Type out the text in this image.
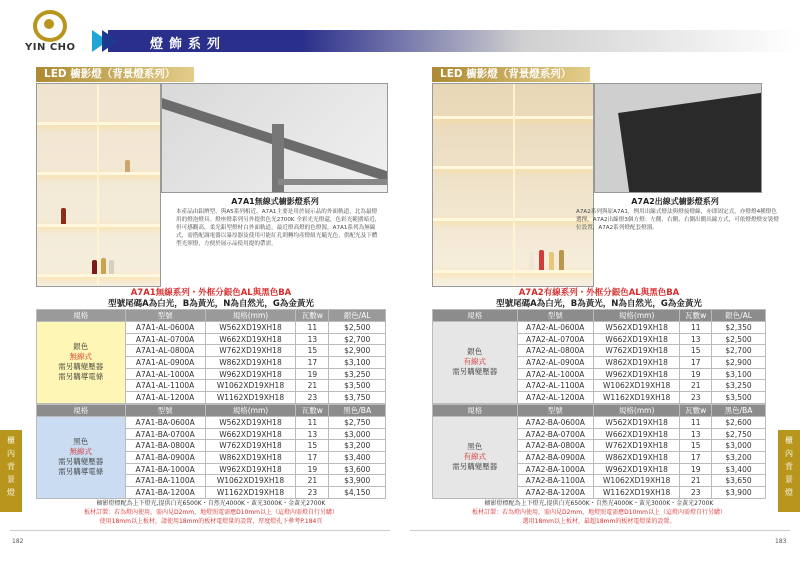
YIN CHO	燈飾系列
LED 櫥影燈（背景燈系列）
A7A1無線式櫥影燈系列
本產品由鋁擠型、與A5系列相近，A7A1主要是用於展示品的外面軌道，北為最燈用的燈泡燈具。燈座燈系列另外提供色光2700K 全彩光光燈還，色彩光範圍暗近，但可感觀高，柔光鋁型燈材白外面軌道，最近燈高燈的色燈源，A7A1系列為無線式，需搭配調電器以暴厚器及使用可能紅孔則轉均產燈組光隨光色，供配光及下體型光照燈，方便於展示品使用提的帶需。
A7A1無線系列・外框分銀色AL與黑色BA
型號尾碼A為白光，B為黃光，N為自然光，G為金黃光
規格	型號	規格(mm)	瓦數w	銀色/AL

銀色
無線式
需另購變壓器
需另購導電條	A7A1-AL-0600A	W562XD19XH18	11	$2,500
	A7A1-AL-0700A	W662XD19XH18	13	$2,700
	A7A1-AL-0800A	W762XD19XH18	15	$2,900
	A7A1-AL-0900A	W862XD19XH18	17	$3,100
	A7A1-AL-1000A	W962XD19XH18	19	$3,250
	A7A1-AL-1100A	W1062XD19XH18	21	$3,500
	A7A1-AL-1200A	W1162XD19XH18	23	$3,750
規格	型號	規格(mm)	瓦數w	黑色/BA

黑色
無線式
需另購變壓器
需另購導電條	A7A1-BA-0600A	W562XD19XH18	11	$2,750
	A7A1-BA-0700A	W662XD19XH18	13	$3,000
	A7A1-BA-0800A	W762XD19XH18	15	$3,200
	A7A1-BA-0900A	W862XD19XH18	17	$3,400
	A7A1-BA-1000A	W962XD19XH18	19	$3,600
	A7A1-BA-1100A	W1062XD19XH18	21	$3,900
	A7A1-BA-1200A	W1162XD19XH18	23	$4,150
櫥影燈標配為上下燈光,提供白光6500K・自然光4000K・黃光3000K・金黃光2700K
板材訂製：若為燈內使用，需內見D2mm，地燈照電需應D10mm以上（這燈內需燈自行另購）
使用18mm以上板材，請使用18mm的板材電燈量的設置，厚度燈孔下參考P.184頁
櫃
內
背
景
燈
182
LED 櫥影燈（背景燈系列）
A7A2出線式櫥影燈系列
A7A2系列與原A7A1，例用出線式燈法與燈接燈線，亦即固定式，亦燈燈4種燈色選擇。A7A2出線燈3個方燈：左側、右側、右側出側出線方式，可依燈燈燈安裝燈位設置，A7A2系列燈配套燈器。
A7A2有線系列・外框分銀色AL與黑色BA
型號尾碼A為白光，B為黃光，N為自然光，G為金黃光
規格	型號	規格(mm)	瓦數w	銀色/AL

銀色
有線式
需另購變壓器	A7A2-AL-0600A	W562XD19XH18	11	$2,350
	A7A2-AL-0700A	W662XD19XH18	13	$2,500
	A7A2-AL-0800A	W762XD19XH18	15	$2,700
	A7A2-AL-0900A	W862XD19XH18	17	$2,900
	A7A2-AL-1000A	W962XD19XH18	19	$3,100
	A7A2-AL-1100A	W1062XD19XH18	21	$3,250
	A7A2-AL-1200A	W1162XD19XH18	23	$3,500
規格	型號	規格(mm)	瓦數w	黑色/BA

黑色
有線式
需另購變壓器	A7A2-BA-0600A	W562XD19XH18	11	$2,600
	A7A2-BA-0700A	W662XD19XH18	13	$2,750
	A7A2-BA-0800A	W762XD19XH18	15	$3,000
	A7A2-BA-0900A	W862XD19XH18	17	$3,200
	A7A2-BA-1000A	W962XD19XH18	19	$3,400
	A7A2-BA-1100A	W1062XD19XH18	21	$3,650
	A7A2-BA-1200A	W1162XD19XH18	23	$3,900
櫥影燈標配為上下燈光,提供白光6500K・自然光4000K・黃光3000K・金黃光2700K
板材訂製：若為燈內使用，需內見D2mm，地燈照電需應D10mm以上（這燈內需燈自行另購）
選用18mm以上板材，最超18mm的板材電燈量的設置。
櫃
內
背
景
燈
183
